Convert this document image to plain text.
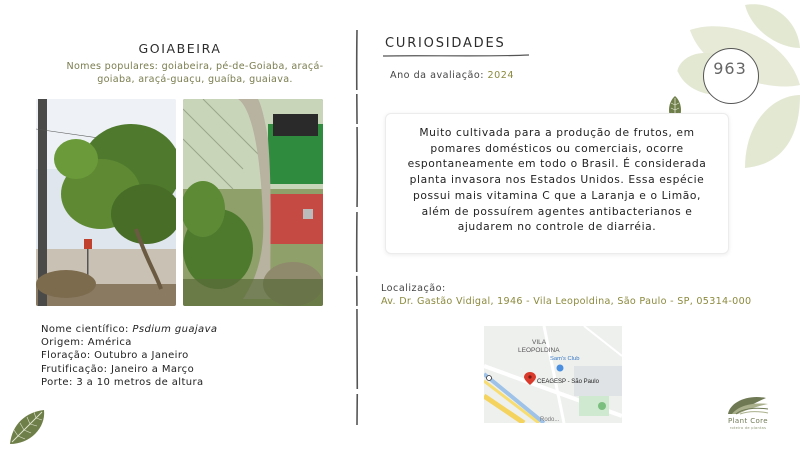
963
GOIABEIRA
Nomes populares: goiabeira, pé-de-Goiaba, araçá-goiaba, araçá-guaçu, guaíba, guaiava.
Nome científico: Psdium guajava
Origem: América
Floração: Outubro a Janeiro
Frutificação: Janeiro a Março
Porte: 3 a 10 metros de altura
CURIOSIDADES
Ano da avaliação: 2024

Muito cultivada para a produção de frutos, em pomares domésticos ou comerciais, ocorre espontaneamente em todo o Brasil. É considerada planta invasora nos Estados Unidos. Essa espécie possui mais vitamina C que a Laranja e o Limão, além de possuírem agentes antibacterianos e ajudarem no controle de diarréia.

Localização:
Av. Dr. Gastão Vidigal, 1946 - Vila Leopoldina, São Paulo - SP, 05314-000
VILA
LEOPOLDINA
Sam's Club
CEAGESP - São Paulo
Rodo...	Plant Core
roteiro de plantas
